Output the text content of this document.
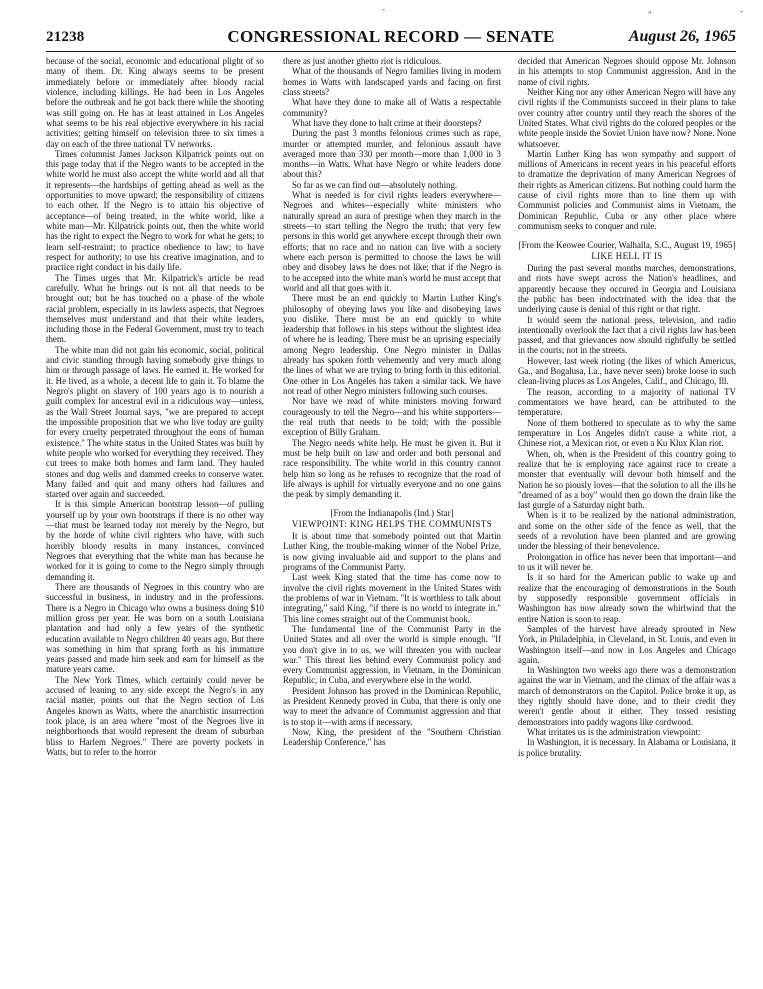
-
"	-
21238	CONGRESSIONAL RECORD — SENATE	August 26, 1965

because of the social, economic and educational plight of so many of them. Dr. King always seems to be present immediately before or immediately after bloody racial violence, including killings. He had been in Los Angeles before the outbreak and he got back there while the shooting was still going on. He has at least attained in Los Angeles what seems to be his real objective everywhere in his racial activities; getting himself on television three to six times a day on each of the three national TV networks.

Times columnist James Jackson Kilpatrick points out on this page today that if the Negro wants to be accepted in the white world he must also accept the white world and all that it represents—the hardships of getting ahead as well as the opportunities to move upward; the responsibility of citizens to each other. If the Negro is to attain his objective of acceptance—of being treated, in the white world, like a white man—Mr. Kilpatrick points out, then the white world has the right to expect the Negro to work for what he gets; to learn self-restraint; to practice obedience to law; to have respect for authority; to use his creative imagination, and to practice right conduct in his daily life.

The Times urges that Mr. Kilpatrick's article be read carefully. What he brings out is not all that needs to be brought out; but he has touched on a phase of the whole racial problem, especially in its lawless aspects, that Negroes themselves must understand and that their white leaders, including those in the Federal Government, must try to teach them.

The white man did not gain his economic, social, political and civic standing through having somebody give things to him or through passage of laws. He earned it. He worked for it. He lived, as a whole, a decent life to gain it. To blame the Negro's plight on slavery of 100 years ago is to nourish a guilt complex for ancestral evil in a ridiculous way—unless, as the Wall Street Journal says, "we are prepared to accept the impossible proposition that we who live today are guilty for every cruelty perpetrated throughout the eons of human existence." The white status in the United States was built by white people who worked for everything they received. They cut trees to make both homes and farm land. They hauled stones and dug wells and dammed creeks to conserve water. Many failed and quit and many others had failures and started over again and succeeded.

It is this simple American bootstrap lesson—of pulling yourself up by your own bootstraps if there is no other way—that must be learned today not merely by the Negro, but by the horde of white civil righters who have, with such horribly bloody results in many instances, convinced Negroes that everything that the white man has because he worked for it is going to come to the Negro simply through demanding it.

There are thousands of Negroes in this country who are successful in business, in industry and in the professions. There is a Negro in Chicago who owns a business doing $10 million gross per year. He was born on a south Louisiana plantation and had only a few years of the synthetic education available to Negro children 40 years ago. But there was something in him that sprang forth as his immature years passed and made him seek and earn for himself as the mature years came.

The New York Times, which certainly could never be accused of leaning to any side except the Negro's in any racial matter, points out that the Negro section of Los Angeles known as Watts, where the anarchistic insurrection took place, is an area where "most of the Negroes live in neighborhoods that would represent the dream of suburban bliss to Harlem Negroes." There are poverty pockets in Watts, but to refer to the horror

there as just another ghetto riot is ridiculous.

What of the thousands of Negro families living in modern homes in Watts with landscaped yards and facing on first class streets?

What have they done to make all of Watts a respectable community?

What have they done to halt crime at their doorsteps?

During the past 3 months felonious crimes such as rape, murder or attempted murder, and felonious assault have averaged more than 330 per month—more than 1,000 in 3 months—in Watts. What have Negro or white leaders done about this?

So far as we can find out—absolutely nothing.

What is needed is for civil rights leaders everywhere—Negroes and whites—especially white ministers who naturally spread an aura of prestige when they march in the streets—to start telling the Negro the truth; that very few persons in this world get anywhere except through their own efforts; that no race and no nation can live with a society where each person is permitted to choose the laws he will obey and disobey laws he does not like; that if the Negro is to be accepted into the white man's world he must accept that world and all that goes with it.

There must be an end quickly to Martin Luther King's philosophy of obeying laws you like and disobeying laws you dislike. There must be an end quickly to white leadership that follows in his steps without the slightest idea of where he is leading. There must be an uprising especially among Negro leadership. One Negro minister in Dallas already has spoken forth vehemently and very much along the lines of what we are trying to bring forth in this editorial. One other in Los Angeles has taken a similar tack. We have not read of other Negro ministers following such courses.

Nor have we read of white ministers moving forward courageously to tell the Negro—and his white supporters—the real truth that needs to be told; with the possible exception of Billy Graham.

The Negro needs white help. He must be given it. But it must be help built on law and order and both personal and race responsibility. The white world in this country cannot help him so long as he refuses to recognize that the road of life always is uphill for virtually everyone and no one gains the peak by simply demanding it.

[From the Indianapolis (Ind.) Star]

VIEWPOINT: KING HELPS THE COMMUNISTS

It is about time that somebody pointed out that Martin Luther King, the trouble-making winner of the Nobel Prize, is now giving invaluable aid and support to the plans and programs of the Communist Party.

Last week King stated that the time has come now to involve the civil rights movement in the United States with the problems of war in Vietnam. "It is worthless to talk about integrating," said King, "if there is no world to integrate in." This line comes straight out of the Communist book.

The fundamental line of the Communist Party in the United States and all over the world is simple enough. "If you don't give in to us, we will threaten you with nuclear war." This threat lies behind every Communist policy and every Communist aggression, in Vietnam, in the Dominican Republic, in Cuba, and everywhere else in the world.

President Johnson has proved in the Dominican Republic, as President Kennedy proved in Cuba, that there is only one way to meet the advance of Communist aggression and that is to stop it—with arms if necessary.

Now, King, the president of the "Southern Christian Leadership Conference," has

decided that American Negroes should oppose Mr. Johnson in his attempts to stop Communist aggression. And in the name of civil rights.

Neither King nor any other American Negro will have any civil rights if the Communists succeed in their plans to take over country after country until they reach the shores of the United States. What civil rights do the colored peoples or the white people inside the Soviet Union have now? None. None whatsoever.

Martin Luther King has won sympathy and support of millions of Americans in recent years in his peaceful efforts to dramatize the deprivation of many American Negroes of their rights as American citizens. But nothing could harm the cause of civil rights more than to line them up with Communist policies and Communist aims in Vietnam, the Dominican Republic, Cuba or any other place where communism seeks to conquer and rule.

[From the Keowee Courier, Walhalla, S.C., August 19, 1965]

LIKE HELL IT IS

During the past several months marches, demonstrations, and riots have swept across the Nation's headlines, and apparently because they occured in Georgia and Louisiana the public has been indoctrinated with the idea that the underlying cause is denial of this right or that right.

It would seem the national press, television, and radio intentionally overlook the fact that a civil rights law has been passed, and that grievances now should rightfully be settled in the courts; not in the streets.

However, last week rioting (the likes of which Americus, Ga., and Bogalusa, La., have never seen) broke loose in such clean-living places as Los Angeles, Calif., and Chicago, Ill.

The reason, according to a majority of national TV commentators we have heard, can be attributed to the temperature.

None of them bothered to speculate as to why the same temperature in Los Angeles didn't cause a white riot, a Chinese riot, a Mexican riot, or even a Ku Klux Klan riot.

When, oh, when is the President of this country going to realize that he is employing race against race to create a monster that eventually will devour both himself and the Nation he so piously loves—that the solution to all the ills he "dreamed of as a boy" would then go down the drain like the last gurgle of a Saturday night bath.

When is it to be realized by the national administration, and some on the other side of the fence as well, that the seeds of a revolution have been planted and are growing under the blessing of their benevolence.

Prolongation in office has never been that important—and to us it will never be.

Is it so hard for the American public to wake up and realize that the encouraging of demonstrations in the South by supposedly responsible government officials in Washington has now already sown the whirlwind that the entire Nation is soon to reap.

Samples of the harvest have already sprouted in New York, in Philadelphia, in Cleveland, in St. Louis, and even in Washington itself—and now in Los Angeles and Chicago again.

In Washington two weeks ago there was a demonstration against the war in Vietnam, and the climax of the affair was a march of demonstrators on the Capitol. Police broke it up, as they rightly should have done, and to their credit they weren't gentle about it either. They tossed resisting demonstrators into paddy wagons like cordwood.

What irritates us is the administration viewpoint:

In Washington, it is necessary. In Alabama or Louisiana, it is police brutality.
